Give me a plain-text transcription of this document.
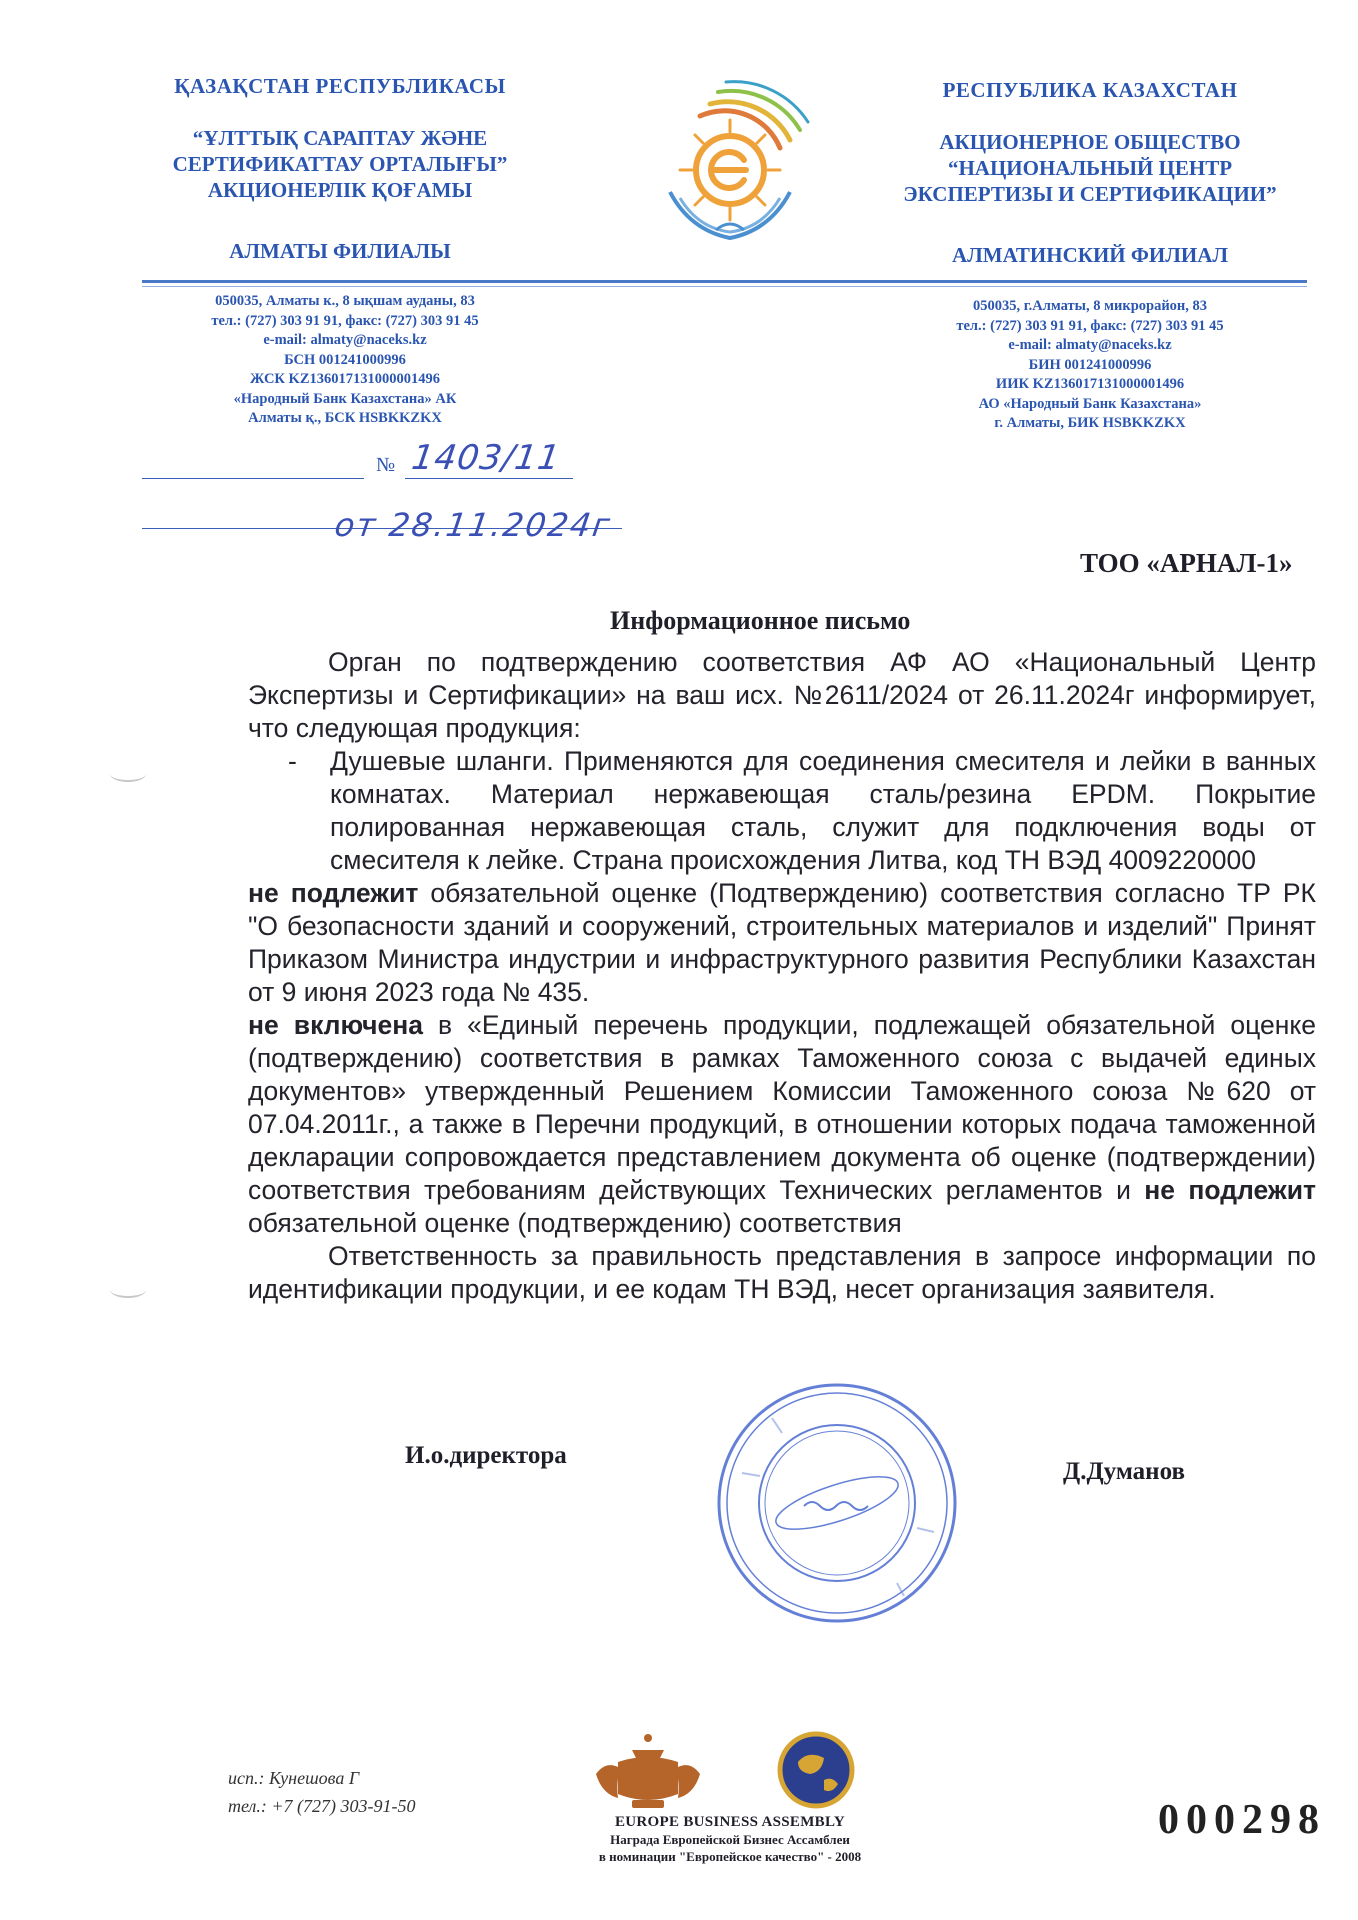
ҚАЗАҚСТАН РЕСПУБЛИКАСЫ
“ҰЛТТЫҚ САРАПТАУ ЖӘНЕ
СЕРТИФИКАТТАУ ОРТАЛЫҒЫ”
АКЦИОНЕРЛІК ҚОҒАМЫ
АЛМАТЫ ФИЛИАЛЫ
РЕСПУБЛИКА КАЗАХСТАН
АКЦИОНЕРНОЕ ОБЩЕСТВО
“НАЦИОНАЛЬНЫЙ ЦЕНТР
ЭКСПЕРТИЗЫ И СЕРТИФИКАЦИИ”
АЛМАТИНСКИЙ ФИЛИАЛ
050035, Алматы к., 8 ықшам ауданы, 83
тел.: (727) 303 91 91, факс: (727) 303 91 45
e-mail: almaty@naceks.kz
БСН 001241000996
ЖСК KZ136017131000001496
«Народный Банк Казахстана» АК
Алматы қ., БСК HSBKKZKX
050035, г.Алматы, 8 микрорайон, 83
тел.: (727) 303 91 91, факс: (727) 303 91 45
e-mail: almaty@naceks.kz
БИН 001241000996
ИИК KZ136017131000001496
АО «Народный Банк Казахстана»
г. Алматы, БИК HSBKKZKX
№ 1403/11
от 28.11.2024г
ТОО «АРНАЛ-1»
Информационное письмо

Орган по подтверждению соответствия АФ АО «Национальный Центр Экспертизы и Сертификации» на ваш исх. №2611/2024 от 26.11.2024г информирует, что следующая продукция:

- Душевые шланги. Применяются для соединения смесителя и лейки в ванных комнатах. Материал нержавеющая сталь/резина EPDM. Покрытие полированная нержавеющая сталь, служит для подключения воды от смесителя к лейке. Страна происхождения Литва, код ТН ВЭД 4009220000

не подлежит обязательной оценке (Подтверждению) соответствия согласно ТР РК "О безопасности зданий и сооружений, строительных материалов и изделий" Принят Приказом Министра индустрии и инфраструктурного развития Республики Казахстан от 9 июня 2023 года № 435.

не включена в «Единый перечень продукции, подлежащей обязательной оценке (подтверждению) соответствия в рамках Таможенного союза с выдачей единых документов» утвержденный Решением Комиссии Таможенного союза №620 от 07.04.2011г., а также в Перечни продукций, в отношении которых подача таможенной декларации сопровождается представлением документа об оценке (подтверждении) соответствия требованиям действующих Технических регламентов и не подлежит обязательной оценке (подтверждению) соответствия

Ответственность за правильность представления в запросе информации по идентификации продукции, и ее кодам ТН ВЭД, несет организация заявителя.

И.о.директора
Д.Думанов
исп.: Кунешова Г
тел.: +7 (727) 303-91-50
EUROPE BUSINESS ASSEMBLY
Награда Европейской Бизнес Ассамблеи
в номинации "Европейское качество" - 2008
000298
